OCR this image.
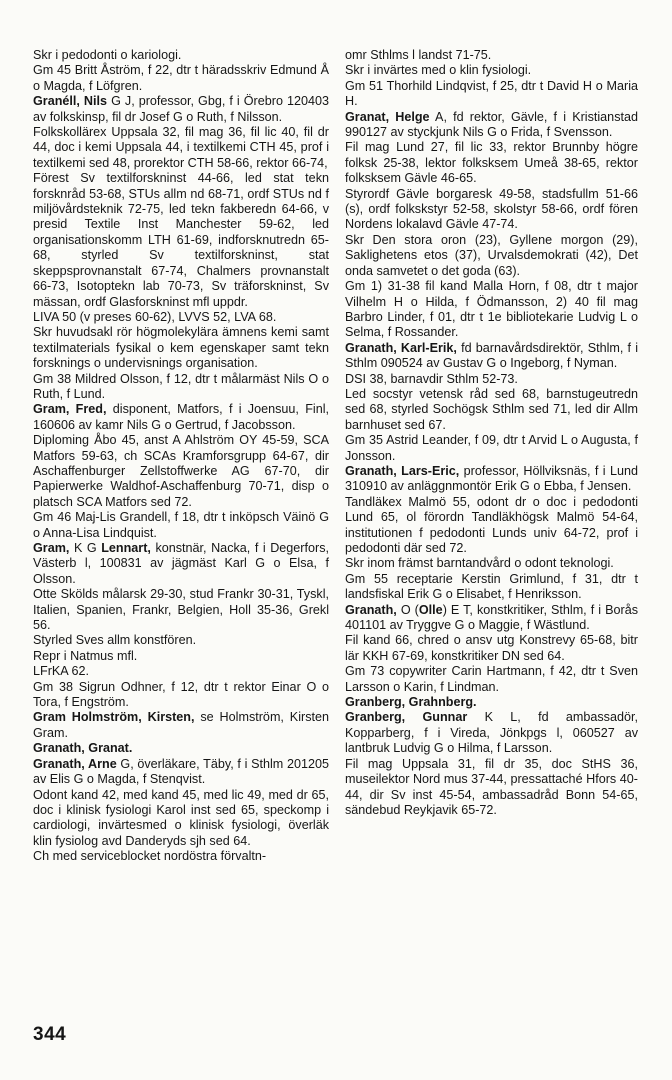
Skr i pedodonti o kariologi.

Gm 45 Britt Åström, f 22, dtr t häradsskriv Edmund Å o Magda, f Löfgren.

Granéll, Nils G J, professor, Gbg, f i Örebro 120403 av folkskinsp, fil dr Josef G o Ruth, f Nilsson.

Folkskollärex Uppsala 32, fil mag 36, fil lic 40, fil dr 44, doc i kemi Uppsala 44, i textilkemi CTH 45, prof i textilkemi sed 48, prorektor CTH 58-66, rektor 66-74,

Förest Sv textilforskninst 44-66, led stat tekn forsknråd 53-68, STUs allm nd 68-71, ordf STUs nd f miljövårdsteknik 72-75, led tekn fakberedn 64-66, v presid Textile Inst Manchester 59-62, led organisationskomm LTH 61-69, indforsknutredn 65-68, styrled Sv textilforskninst, stat skeppsprovnanstalt 67-74, Chalmers provnanstalt 66-73, Isotoptekn lab 70-73, Sv träforskninst, Sv mässan, ordf Glasforskninst mfl uppdr.

LIVA 50 (v preses 60-62), LVVS 52, LVA 68.

Skr huvudsakl rör högmolekylära ämnens kemi samt textilmaterials fysikal o kem egenskaper samt tekn forsknings o undervisnings organisation.

Gm 38 Mildred Olsson, f 12, dtr t målarmäst Nils O o Ruth, f Lund.

Gram, Fred, disponent, Matfors, f i Joensuu, Finl, 160606 av kamr Nils G o Gertrud, f Jacobsson.

Diploming Åbo 45, anst A Ahlström OY 45-59, SCA Matfors 59-63, ch SCAs Kramforsgrupp 64-67, dir Aschaffenburger Zellstoffwerke AG 67-70, dir Papierwerke Waldhof-Aschaffenburg 70-71, disp o platsch SCA Matfors sed 72.

Gm 46 Maj-Lis Grandell, f 18, dtr t inköpsch Väinö G o Anna-Lisa Lindquist.

Gram, K G Lennart, konstnär, Nacka, f i Degerfors, Västerb l, 100831 av jägmäst Karl G o Elsa, f Olsson.

Otte Skölds målarsk 29-30, stud Frankr 30-31, Tyskl, Italien, Spanien, Frankr, Belgien, Holl 35-36, Grekl 56.

Styrled Sves allm konstfören.

Repr i Natmus mfl.

LFrKA 62.

Gm 38 Sigrun Odhner, f 12, dtr t rektor Einar O o Tora, f Engström.

Gram Holmström, Kirsten, se Holmström, Kirsten Gram.

Granath, Granat.

Granath, Arne G, överläkare, Täby, f i Sthlm 201205 av Elis G o Magda, f Stenqvist.

Odont kand 42, med kand 45, med lic 49, med dr 65, doc i klinisk fysiologi Karol inst sed 65, speckomp i cardiologi, invärtesmed o klinisk fysiologi, överläk klin fysiolog avd Danderyds sjh sed 64.

Ch med serviceblocket nordöstra förvaltn-

omr Sthlms l landst 71-75.

Skr i invärtes med o klin fysiologi.

Gm 51 Thorhild Lindqvist, f 25, dtr t David H o Maria H.

Granat, Helge A, fd rektor, Gävle, f i Kristianstad 990127 av styckjunk Nils G o Frida, f Svensson.

Fil mag Lund 27, fil lic 33, rektor Brunnby högre folksk 25-38, lektor folksksem Umeå 38-65, rektor folksksem Gävle 46-65.

Styrordf Gävle borgaresk 49-58, stadsfullm 51-66 (s), ordf folkskstyr 52-58, skolstyr 58-66, ordf fören Nordens lokalavd Gävle 47-74.

Skr Den stora oron (23), Gyllene morgon (29), Saklighetens etos (37), Urvalsdemokrati (42), Det onda samvetet o det goda (63).

Gm 1) 31-38 fil kand Malla Horn, f 08, dtr t major Vilhelm H o Hilda, f Ödmansson, 2) 40 fil mag Barbro Linder, f 01, dtr t 1e bibliotekarie Ludvig L o Selma, f Rossander.

Granath, Karl-Erik, fd barnavårdsdirektör, Sthlm, f i Sthlm 090524 av Gustav G o Ingeborg, f Nyman.

DSI 38, barnavdir Sthlm 52-73.

Led socstyr vetensk råd sed 68, barnstugeutredn sed 68, styrled Sochögsk Sthlm sed 71, led dir Allm barnhuset sed 67.

Gm 35 Astrid Leander, f 09, dtr t Arvid L o Augusta, f Jonsson.

Granath, Lars-Eric, professor, Höllviksnäs, f i Lund 310910 av anläggnmontör Erik G o Ebba, f Jensen.

Tandläkex Malmö 55, odont dr o doc i pedodonti Lund 65, ol förordn Tandläkhögsk Malmö 54-64, institutionen f pedodonti Lunds univ 64-72, prof i pedodonti där sed 72.

Skr inom främst barntandvård o odont teknologi.

Gm 55 receptarie Kerstin Grimlund, f 31, dtr t landsfiskal Erik G o Elisabet, f Henriksson.

Granath, O (Olle) E T, konstkritiker, Sthlm, f i Borås 401101 av Tryggve G o Maggie, f Wästlund.

Fil kand 66, chred o ansv utg Konstrevy 65-68, bitr lär KKH 67-69, konstkritiker DN sed 64.

Gm 73 copywriter Carin Hartmann, f 42, dtr t Sven Larsson o Karin, f Lindman.

Granberg, Grahnberg.

Granberg, Gunnar K L, fd ambassadör, Kopparberg, f i Vireda, Jönkpgs l, 060527 av lantbruk Ludvig G o Hilma, f Larsson.

Fil mag Uppsala 31, fil dr 35, doc StHS 36, museilektor Nord mus 37-44, pressattaché Hfors 40-44, dir Sv inst 45-54, ambassadråd Bonn 54-65, sändebud Reykjavik 65-72.

344
